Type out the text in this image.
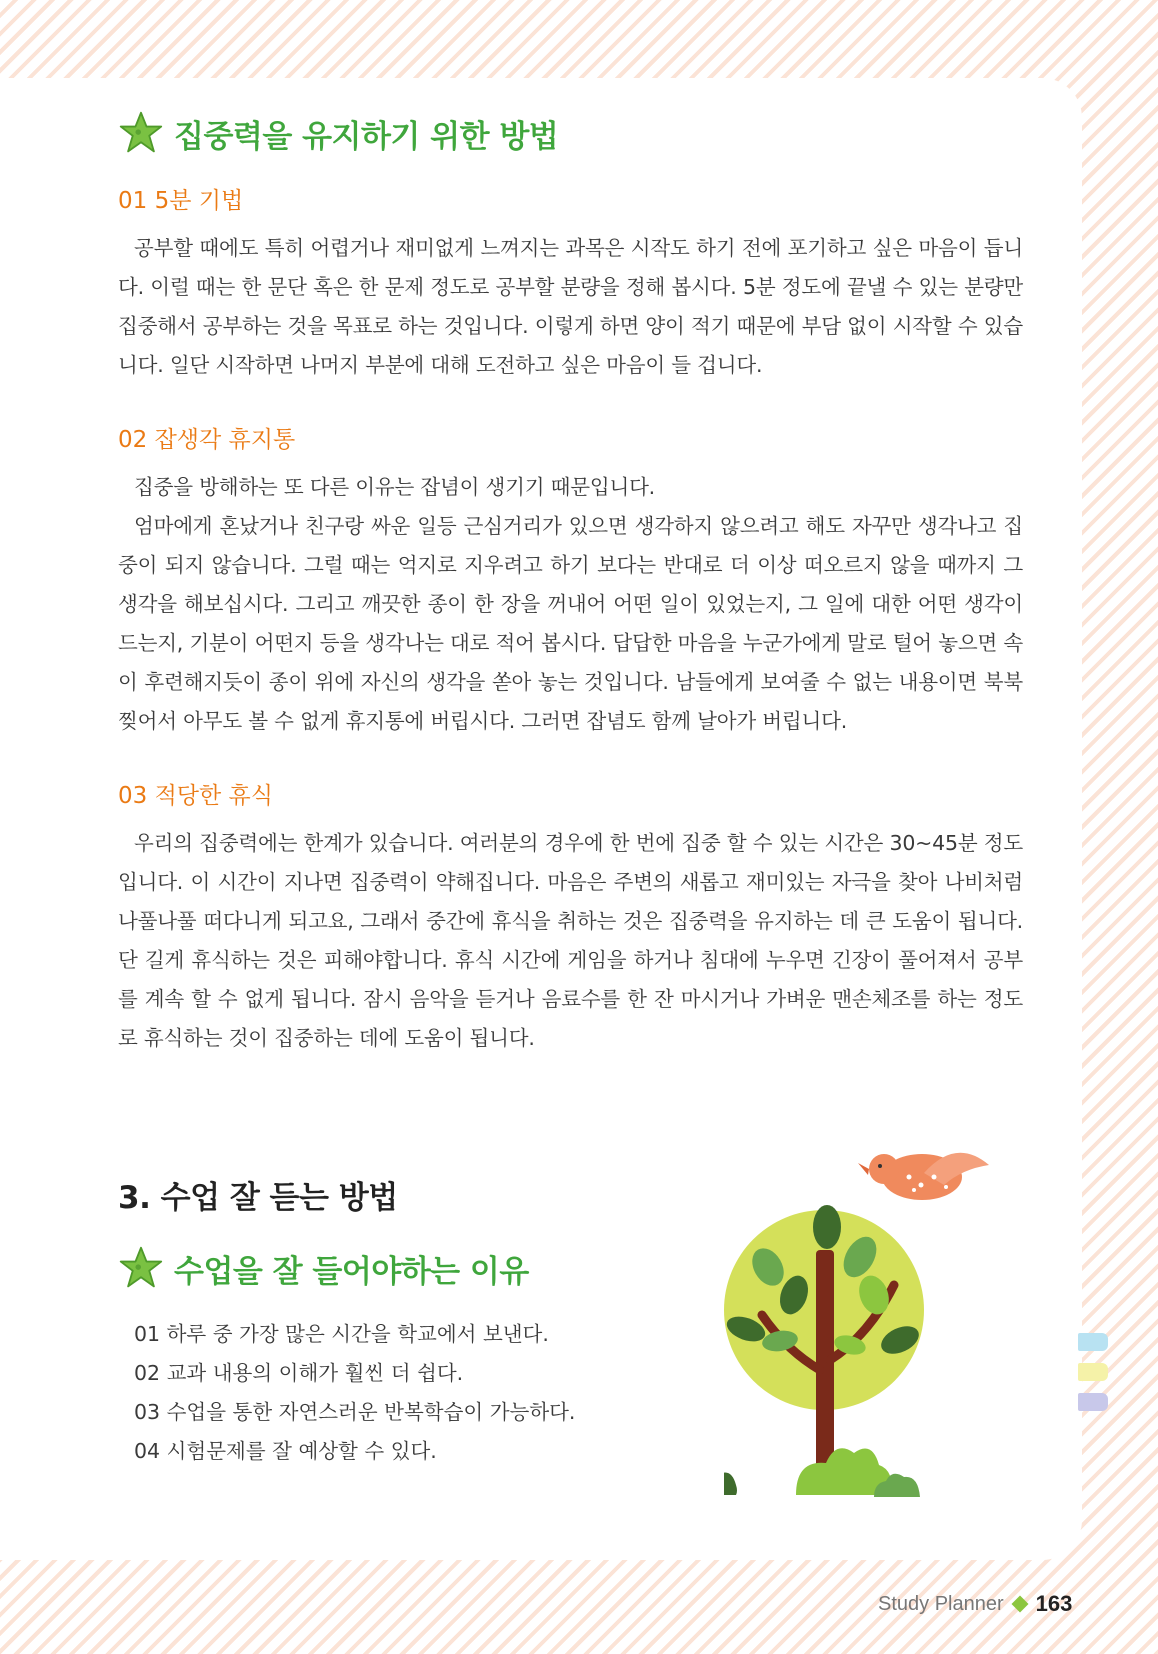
집중력을 유지하기 위한 방법
01 5분 기법

공부할 때에도 특히 어렵거나 재미없게 느껴지는 과목은 시작도 하기 전에 포기하고 싶은 마음이 듭니다. 이럴 때는 한 문단 혹은 한 문제 정도로 공부할 분량을 정해 봅시다. 5분 정도에 끝낼 수 있는 분량만 집중해서 공부하는 것을 목표로 하는 것입니다. 이렇게 하면 양이 적기 때문에 부담 없이 시작할 수 있습니다. 일단 시작하면 나머지 부분에 대해 도전하고 싶은 마음이 들 겁니다.

02 잡생각 휴지통

집중을 방해하는 또 다른 이유는 잡념이 생기기 때문입니다.

엄마에게 혼났거나 친구랑 싸운 일등 근심거리가 있으면 생각하지 않으려고 해도 자꾸만 생각나고 집중이 되지 않습니다. 그럴 때는 억지로 지우려고 하기 보다는 반대로 더 이상 떠오르지 않을 때까지 그 생각을 해보십시다. 그리고 깨끗한 종이 한 장을 꺼내어 어떤 일이 있었는지, 그 일에 대한 어떤 생각이 드는지, 기분이 어떤지 등을 생각나는 대로 적어 봅시다. 답답한 마음을 누군가에게 말로 털어 놓으면 속이 후련해지듯이 종이 위에 자신의 생각을 쏟아 놓는 것입니다. 남들에게 보여줄 수 없는 내용이면 북북 찢어서 아무도 볼 수 없게 휴지통에 버립시다. 그러면 잡념도 함께 날아가 버립니다.

03 적당한 휴식

우리의 집중력에는 한계가 있습니다. 여러분의 경우에 한 번에 집중 할 수 있는 시간은 30~45분 정도입니다. 이 시간이 지나면 집중력이 약해집니다. 마음은 주변의 새롭고 재미있는 자극을 찾아 나비처럼 나풀나풀 떠다니게 되고요, 그래서 중간에 휴식을 취하는 것은 집중력을 유지하는 데 큰 도움이 됩니다. 단 길게 휴식하는 것은 피해야합니다. 휴식 시간에 게임을 하거나 침대에 누우면 긴장이 풀어져서 공부를 계속 할 수 없게 됩니다. 잠시 음악을 듣거나 음료수를 한 잔 마시거나 가벼운 맨손체조를 하는 정도로 휴식하는 것이 집중하는 데에 도움이 됩니다.

3. 수업 잘 듣는 방법
수업을 잘 들어야하는 이유
01 하루 중 가장 많은 시간을 학교에서 보낸다.
02 교과 내용의 이해가 훨씬 더 쉽다.
03 수업을 통한 자연스러운 반복학습이 가능하다.
04 시험문제를 잘 예상할 수 있다.
Study Planner 163
